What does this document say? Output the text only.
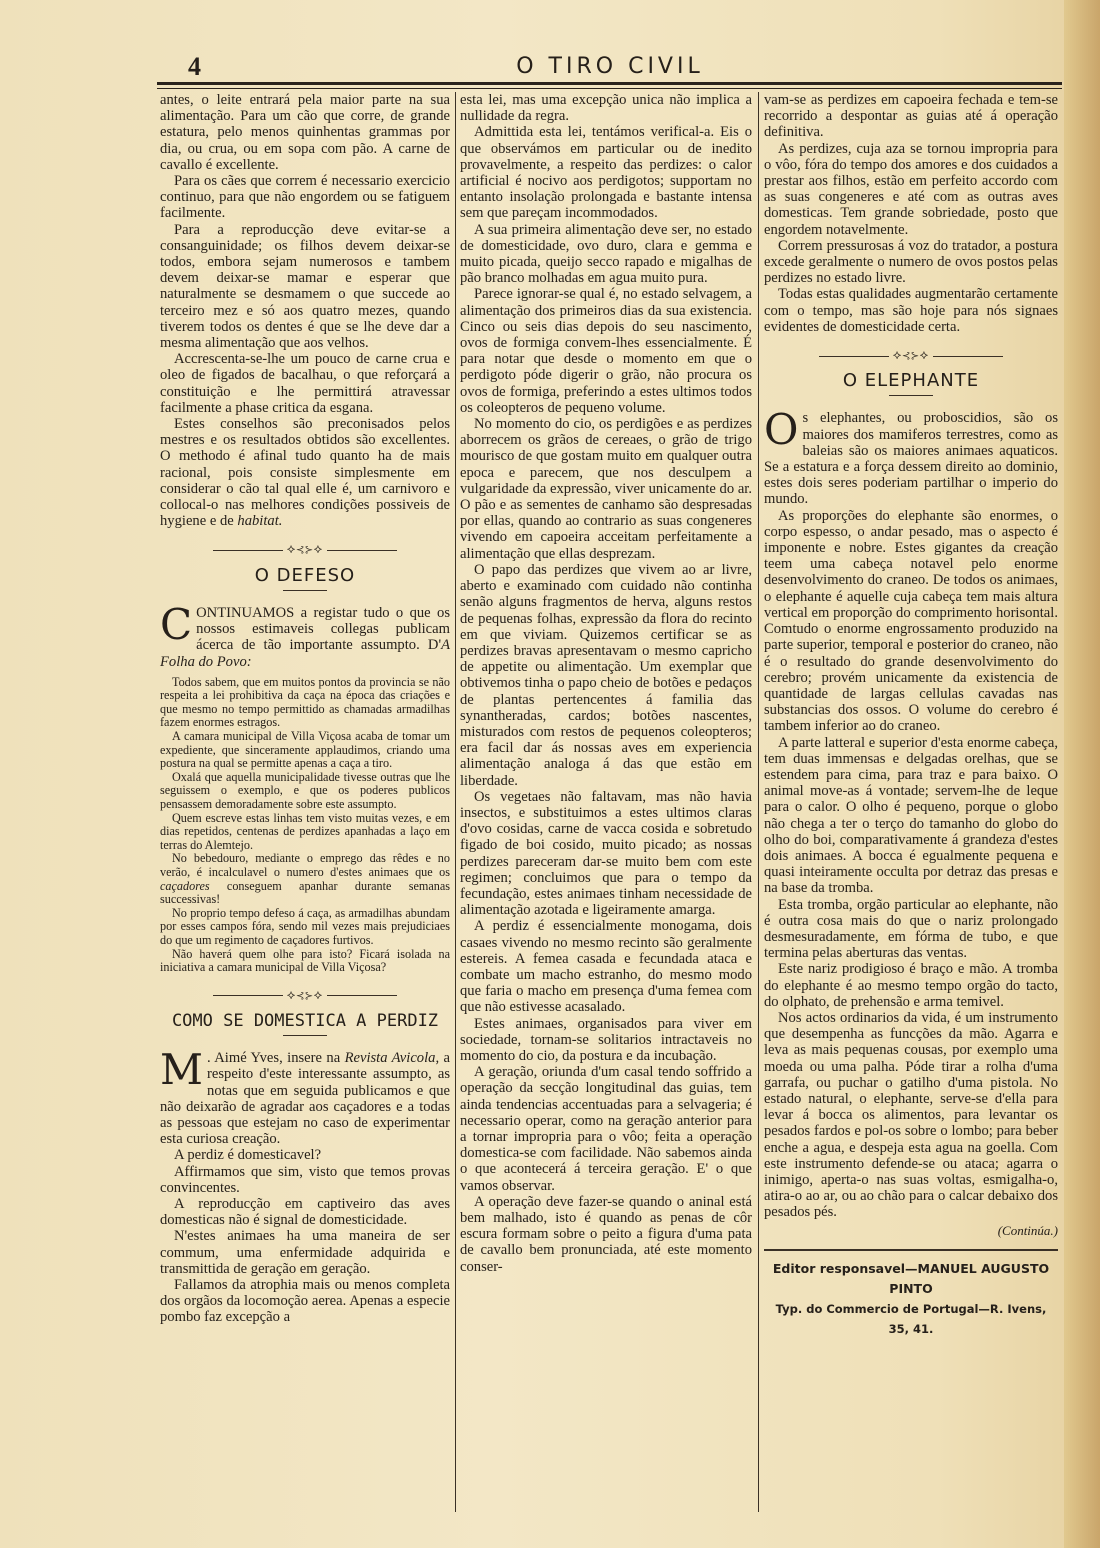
4	O TIRO CIVIL

antes, o leite entrará pela maior parte na sua alimentação. Para um cão que corre, de grande estatura, pelo menos quinhentas grammas por dia, ou crua, ou em sopa com pão. A carne de cavallo é excellente.

Para os cães que correm é necessario exercicio continuo, para que não engordem ou se fatiguem facilmente.

Para a reproducção deve evitar-se a consanguinidade; os filhos devem deixar-se todos, embora sejam numerosos e tambem devem deixar-se mamar e esperar que naturalmente se desmamem o que succede ao terceiro mez e só aos quatro mezes, quando tiverem todos os dentes é que se lhe deve dar a mesma alimentação que aos velhos.

Accrescenta-se-lhe um pouco de carne crua e oleo de figados de bacalhau, o que reforçará a constituição e lhe permittirá atravessar facilmente a phase critica da esgana.

Estes conselhos são preconisados pelos mestres e os resultados obtidos são excellentes. O methodo é afinal tudo quanto ha de mais racional, pois consiste simplesmente em considerar o cão tal qual elle é, um carnivoro e collocal-o nas melhores condições possiveis de hygiene e de habitat.

⟡⊰⊱⟡
O DEFESO

CONTINUAMOS a registar tudo o que os nossos estimaveis collegas publicam ácerca de tão importante assumpto. D'A Folha do Povo:

Todos sabem, que em muitos pontos da provincia se não respeita a lei prohibitiva da caça na época das criações e que mesmo no tempo permittido as chamadas armadilhas fazem enormes estragos.

A camara municipal de Villa Viçosa acaba de tomar um expediente, que sinceramente applaudimos, criando uma postura na qual se permitte apenas a caça a tiro.

Oxalá que aquella municipalidade tivesse outras que lhe seguissem o exemplo, e que os poderes publicos pensassem demoradamente sobre este assumpto.

Quem escreve estas linhas tem visto muitas vezes, e em dias repetidos, centenas de perdizes apanhadas a laço em terras do Alemtejo.

No bebedouro, mediante o emprego das rêdes e no verão, é incalculavel o numero d'estes animaes que os caçadores conseguem apanhar durante semanas successivas!

No proprio tempo defeso á caça, as armadilhas abundam por esses campos fóra, sendo mil vezes mais prejudiciaes do que um regimento de caçadores furtivos.

Não haverá quem olhe para isto? Ficará isolada na iniciativa a camara municipal de Villa Viçosa?

⟡⊰⊱⟡
COMO SE DOMESTICA A PERDIZ

M . Aimé Yves, insere na Revista Avicola, a respeito d'este interessante assumpto, as notas que em seguida publicamos e que não deixarão de agradar aos caçadores e a todas as pessoas que estejam no caso de experimentar esta curiosa creação.

A perdiz é domesticavel?

Affirmamos que sim, visto que temos provas convincentes.

A reproducção em captiveiro das aves domesticas não é signal de domesticidade.

N'estes animaes ha uma maneira de ser commum, uma enfermidade adquirida e transmittida de geração em geração.

Fallamos da atrophia mais ou menos completa dos orgãos da locomoção aerea. Apenas a especie pombo faz excepção a

esta lei, mas uma excepção unica não implica a nullidade da regra.

Admittida esta lei, tentámos verifical-a. Eis o que observámos em particular ou de inedito provavelmente, a respeito das perdizes: o calor artificial é nocivo aos perdigotos; supportam no entanto insolação prolongada e bastante intensa sem que pareçam incommodados.

A sua primeira alimentação deve ser, no estado de domesticidade, ovo duro, clara e gemma e muito picada, queijo secco rapado e migalhas de pão branco molhadas em agua muito pura.

Parece ignorar-se qual é, no estado selvagem, a alimentação dos primeiros dias da sua existencia. Cinco ou seis dias depois do seu nascimento, ovos de formiga convem-lhes essencialmente. É para notar que desde o momento em que o perdigoto póde digerir o grão, não procura os ovos de formiga, preferindo a estes ultimos todos os coleopteros de pequeno volume.

No momento do cio, os perdigões e as perdizes aborrecem os grãos de cereaes, o grão de trigo mourisco de que gostam muito em qualquer outra epoca e parecem, que nos desculpem a vulgaridade da expressão, viver unicamente do ar. O pão e as sementes de canhamo são despresadas por ellas, quando ao contrario as suas congeneres vivendo em capoeira acceitam perfeitamente a alimentação que ellas desprezam.

O papo das perdizes que vivem ao ar livre, aberto e examinado com cuidado não continha senão alguns fragmentos de herva, alguns restos de pequenas folhas, expressão da flora do recinto em que viviam. Quizemos certificar se as perdizes bravas apresentavam o mesmo capricho de appetite ou alimentação. Um exemplar que obtivemos tinha o papo cheio de botões e pedaços de plantas pertencentes á familia das synantheradas, cardos; botões nascentes, misturados com restos de pequenos coleopteros; era facil dar ás nossas aves em experiencia alimentação analoga á das que estão em liberdade.

Os vegetaes não faltavam, mas não havia insectos, e substituimos a estes ultimos claras d'ovo cosidas, carne de vacca cosida e sobretudo figado de boi cosido, muito picado; as nossas perdizes pareceram dar-se muito bem com este regimen; concluimos que para o tempo da fecundação, estes animaes tinham necessidade de alimentação azotada e ligeiramente amarga.

A perdiz é essencialmente monogama, dois casaes vivendo no mesmo recinto são geralmente estereis. A femea casada e fecundada ataca e combate um macho estranho, do mesmo modo que faria o macho em presença d'uma femea com que não estivesse acasalado.

Estes animaes, organisados para viver em sociedade, tornam-se solitarios intractaveis no momento do cio, da postura e da incubação.

A geração, oriunda d'um casal tendo soffrido a operação da secção longitudinal das guias, tem ainda tendencias accentuadas para a selvageria; é necessario operar, como na geração anterior para a tornar impropria para o vôo; feita a operação domestica-se com facilidade. Não sabemos ainda o que acontecerá á terceira geração. E' o que vamos observar.

A operação deve fazer-se quando o aninal está bem malhado, isto é quando as penas de côr escura formam sobre o peito a figura d'uma pata de cavallo bem pronunciada, até este momento conser-

vam-se as perdizes em capoeira fechada e tem-se recorrido a despontar as guias até á operação definitiva.

As perdizes, cuja aza se tornou impropria para o vôo, fóra do tempo dos amores e dos cuidados a prestar aos filhos, estão em perfeito accordo com as suas congeneres e até com as outras aves domesticas. Tem grande sobriedade, posto que engordem notavelmente.

Correm pressurosas á voz do tratador, a postura excede geralmente o numero de ovos postos pelas perdizes no estado livre.

Todas estas qualidades augmentarão certamente com o tempo, mas são hoje para nós signaes evidentes de domesticidade certa.

⟡⊰⊱⟡
O ELEPHANTE

Os elephantes, ou proboscidios, são os maiores dos mamiferos terrestres, como as baleias são os maiores animaes aquaticos. Se a estatura e a força dessem direito ao dominio, estes dois seres poderiam partilhar o imperio do mundo.

As proporções do elephante são enormes, o corpo espesso, o andar pesado, mas o aspecto é imponente e nobre. Estes gigantes da creação teem uma cabeça notavel pelo enorme desenvolvimento do craneo. De todos os animaes, o elephante é aquelle cuja cabeça tem mais altura vertical em proporção do comprimento horisontal. Comtudo o enorme engrossamento produzido na parte superior, temporal e posterior do craneo, não é o resultado do grande desenvolvimento do cerebro; provém unicamente da existencia de quantidade de largas cellulas cavadas nas substancias dos ossos. O volume do cerebro é tambem inferior ao do craneo.

A parte latteral e superior d'esta enorme cabeça, tem duas immensas e delgadas orelhas, que se estendem para cima, para traz e para baixo. O animal move-as á vontade; servem-lhe de leque para o calor. O olho é pequeno, porque o globo não chega a ter o terço do tamanho do globo do olho do boi, comparativamente á grandeza d'estes dois animaes. A bocca é egualmente pequena e quasi inteiramente occulta por detraz das presas e na base da tromba.

Esta tromba, orgão particular ao elephante, não é outra cosa mais do que o nariz prolongado desmesuradamente, em fórma de tubo, e que termina pelas aberturas das ventas.

Este nariz prodigioso é braço e mão. A tromba do elephante é ao mesmo tempo orgão do tacto, do olphato, de prehensão e arma temivel.

Nos actos ordinarios da vida, é um instrumento que desempenha as funcções da mão. Agarra e leva as mais pequenas cousas, por exemplo uma moeda ou uma palha. Póde tirar a rolha d'uma garrafa, ou puchar o gatilho d'uma pistola. No estado natural, o elephante, serve-se d'ella para levar á bocca os alimentos, para levantar os pesados fardos e pol-os sobre o lombo; para beber enche a agua, e despeja esta agua na goella. Com este instrumento defende-se ou ataca; agarra o inimigo, aperta-o nas suas voltas, esmigalha-o, atira-o ao ar, ou ao chão para o calcar debaixo dos pesados pés.

(Continúa.)
Editor responsavel—MANUEL AUGUSTO PINTO
Typ. do Commercio de Portugal—R. Ivens, 35, 41.
